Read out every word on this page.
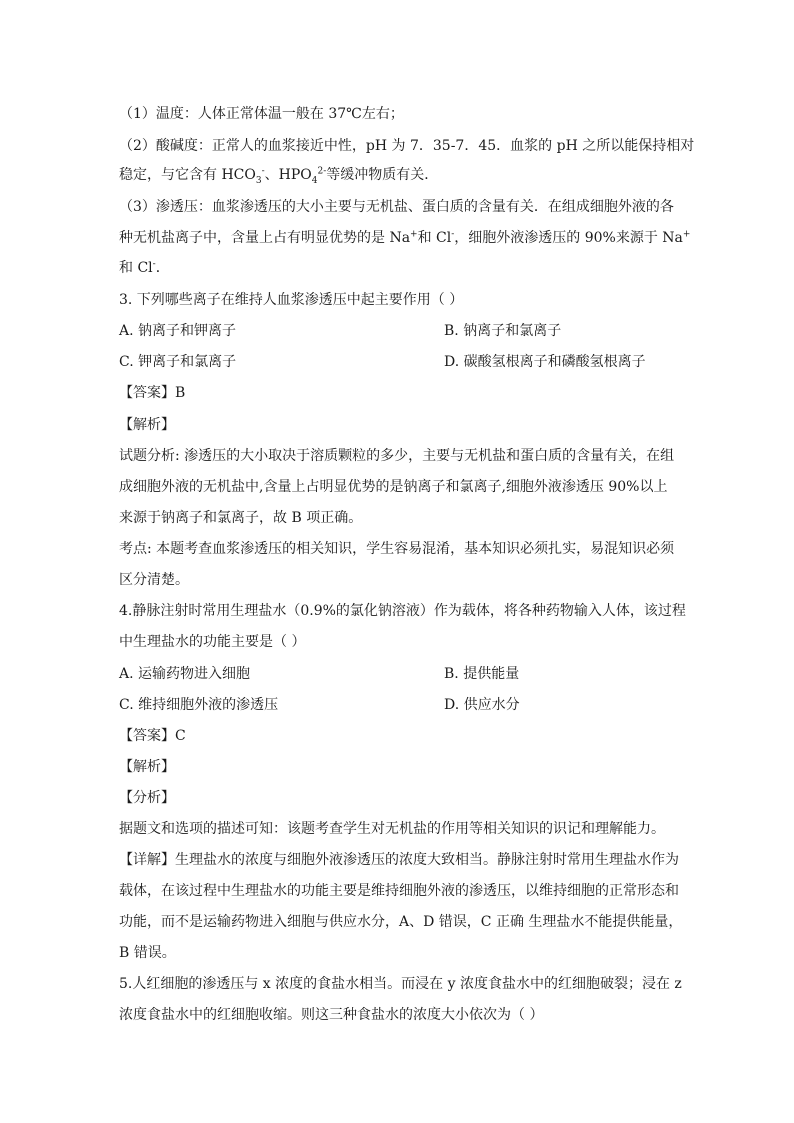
（1）温度：人体正常体温一般在 37℃左右；
（2）酸碱度：正常人的血浆接近中性，pH 为 7．35-7．45．血浆的 pH 之所以能保持相对
稳定，与它含有 $HCO_3^-$、$HPO_4^{2-}$等缓冲物质有关．
（3）渗透压：血浆渗透压的大小主要与无机盐、蛋白质的含量有关．在组成细胞外液的各
种无机盐离子中，含量上占有明显优势的是 Na+和 Cl-，细胞外液渗透压的 90%来源于 Na+
和 Cl-．
3. 下列哪些离子在维持人血浆渗透压中起主要作用（ ）
A. 钠离子和钾离子	B. 钠离子和氯离子
C. 钾离子和氯离子	D. 碳酸氢根离子和磷酸氢根离子
【答案】B
【解析】
试题分析: 渗透压的大小取决于溶质颗粒的多少，主要与无机盐和蛋白质的含量有关，在组
成细胞外液的无机盐中,含量上占明显优势的是钠离子和氯离子,细胞外液渗透压 90%以上
来源于钠离子和氯离子，故 B 项正确。
考点: 本题考查血浆渗透压的相关知识，学生容易混淆，基本知识必须扎实，易混知识必须
区分清楚。
4.静脉注射时常用生理盐水（0.9%的氯化钠溶液）作为载体，将各种药物输入人体，该过程
中生理盐水的功能主要是（ ）
A. 运输药物进入细胞	B. 提供能量
C. 维持细胞外液的渗透压	D. 供应水分
【答案】C
【解析】
【分析】
据题文和选项的描述可知：该题考查学生对无机盐的作用等相关知识的识记和理解能力。
【详解】生理盐水的浓度与细胞外液渗透压的浓度大致相当。静脉注射时常用生理盐水作为
载体，在该过程中生理盐水的功能主要是维持细胞外液的渗透压，以维持细胞的正常形态和
功能，而不是运输药物进入细胞与供应水分，A、D 错误，C 正确 生理盐水不能提供能量，
B 错误。
5.人红细胞的渗透压与 x 浓度的食盐水相当。而浸在 y 浓度食盐水中的红细胞破裂；浸在 z
浓度食盐水中的红细胞收缩。则这三种食盐水的浓度大小依次为（ ）
